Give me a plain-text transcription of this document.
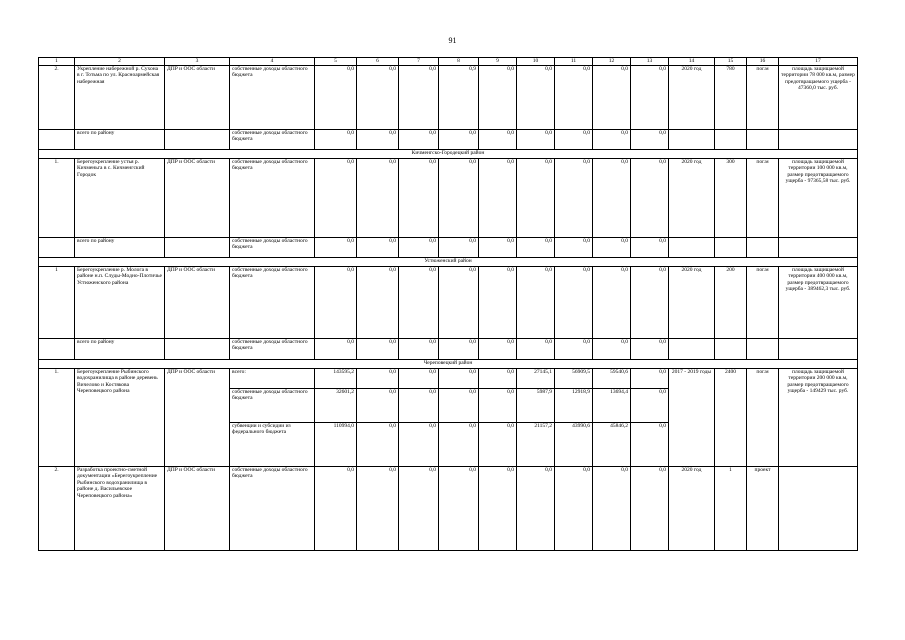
91
1	2	3	4	5	6	7	8	9	10	11	12	13	14	15	16	17
2.	Укрепление набережной р. Сухона в г. Тотьма по ул. Красноармейская набережная	ДПР и ООС области	собственные доходы областного бюджета	0,0	0,0	0,0	0,9	0,0	0,0	0,0	0,0	0,0	2020 год	780	пог.м	площадь защищаемой территории 78 000 кв.м, размер предотвращаемого ущерба - 47360,0 тыс. руб.
	всего по району		собственные доходы областного бюджета	0,0	0,0	0,0	0,0	0,0	0,0	0,0	0,0	0,0				
Кичменгско-Городецкий район																
1.	Берегоукрепление устья р. Кичменьга в с. Кичменгский Городок	ДПР и ООС области	собственные доходы областного бюджета	0,0	0,0	0,0	0,0	0,0	0,0	0,0	0,0	0,0	2020 год	300	пог.м	площадь защищаемой территории 100 000 кв.м, размер предотвращаемого ущерба - 97365,58 тыс. руб.
	всего по району		собственные доходы областного бюджета	0,0	0,0	0,0	0,0	0,0	0,0	0,0	0,0	0,0				
Устюженский район																
1	Берегоукрепление р. Молога в районе н.п. Слуды-Модно-Плотичье Устюженского района	ДПР и ООС области	собственные доходы областного бюджета	0,0	0,0	0,0	0,0	0,0	0,0	0,0	0,0	0,0	2020 год	200	пог.м	площадь защищаемой территории 400 000 кв.м, размер предотвращаемого ущерба - 389462,3 тыс. руб.
	всего по району		собственные доходы областного бюджета	0,0	0,0	0,0	0,0	0,0	0,0	0,0	0,0	0,0				
Череповецкий район																
1.	Берегоукрепление Рыбинского водохранилища в районе деревень Вичелово и Костякова Череповецкого района	ДПР и ООС области	всего:	143595,2	0,0	0,0	0,0	0,0	27145,1	56909,5	59540,6	0,0	2017 - 2019 годы	2400	пог.м	площадь защищаемой территории 200 000 кв.м, размер предотвращаемого ущерба - 149429 тыс. руб.
			собственные доходы областного бюджета	32601,2	0,0	0,0	0,0	0,0	5987,9	12918,9	13694,4	0,0				
			субвенции и субсидии из федерального бюджета	110994,0	0,0	0,0	0,0	0,0	21157,2	43990,6	45846,2	0,0				
2.	Разработка проектно-сметной документации «Берегоукрепление Рыбинского водохранилища в районе д. Васильевское Череповецкого района»	ДПР и ООС области	собственные доходы областного бюджета	0,0	0,0	0,0	0,0	0,0	0,0	0,0	0,0	0,0	2020 год	1	проект	
